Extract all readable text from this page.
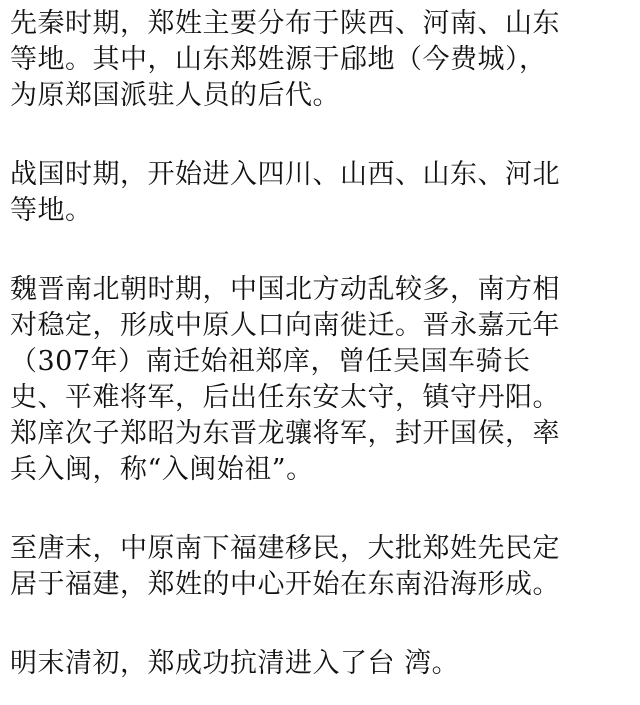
先秦时期，郑姓主要分布于陕西、河南、山东
等地。其中，山东郑姓源于郈地（今费城），
为原郑国派驻人员的后代。
战国时期，开始进入四川、山西、山东、河北
等地。
魏晋南北朝时期，中国北方动乱较多，南方相
对稳定，形成中原人口向南徙迁。晋永嘉元年
（307年）南迁始祖郑庠，曾任吴国车骑长
史、平难将军，后出任东安太守，镇守丹阳。
郑庠次子郑昭为东晋龙骧将军，封开国侯，率
兵入闽，称“入闽始祖”。
至唐末，中原南下福建移民，大批郑姓先民定
居于福建，郑姓的中心开始在东南沿海形成。
明末清初，郑成功抗清进入了台 湾。
